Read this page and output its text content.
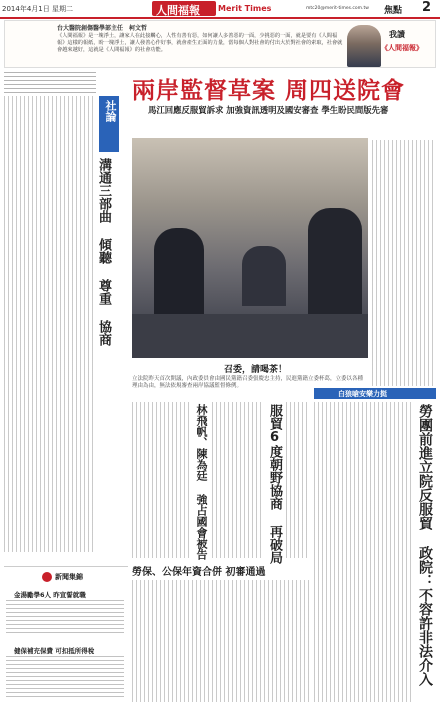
2014年4月1日 星期二	人間福報 Merit Times	mtc20@merit-times.com.tw 焦點 2
台大醫院創傷醫學部主任　柯文哲
《人間福報》是一塊淨土，讓家人在此接觸心，人性有善有惡，如何讓人多善惡的一面，少挑惡的一面，就是要有《人間福報》這樣的報紙，盼一塊淨土，讓人發善心作好事，就會產生正面的力量，當每個人對社會的付出大於對社會的索取，社會就會越來越好，這就是《人間福報》的社會功能。
我讀
《人間福報》
兩岸監督草案 周四送院會
馬江回應反服貿訴求 加強資訊透明及國安審查 學生盼民間版先審
社論
溝通三部曲 傾聽 尊重 協商
召委，請喝茶！
立法院昨天首次開議，內政委員會由國民黨籍召委張慶忠主持，民進黨籍立委杯葛，立委以各種理由為由，無法依規審查兩岸協議監督條例。
白狼嗆安樂力挺
服貿6度朝野協商 再破局
林飛帆、陳為廷 強占國會被告	勞團前進立院反服貿 政院：不容許非法介入
勞保、公保年資合併 初審通過
新聞集錦
金湯勵學6人 昨宣誓就職
健保補充保費 可扣抵所得稅
